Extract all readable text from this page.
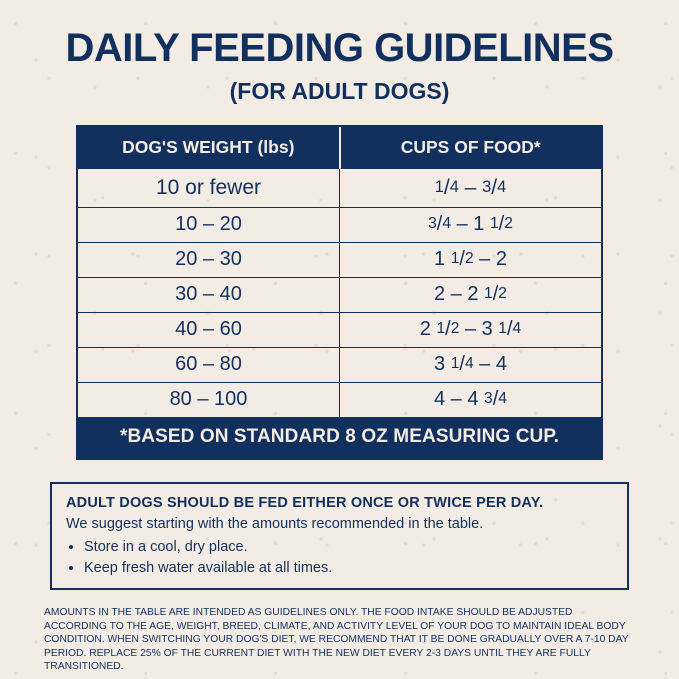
DAILY FEEDING GUIDELINES
(FOR ADULT DOGS)
DOG'S WEIGHT (lbs)	CUPS OF FOOD*
10 or fewer	1/4 – 3/4
10 – 20	3/4 – 1 1/2
20 – 30	1 1/2 – 2
30 – 40	2 – 2 1/2
40 – 60	2 1/2 – 3 1/4
60 – 80	3 1/4 – 4
80 – 100	4 – 4 3/4
*BASED ON STANDARD 8 OZ MEASURING CUP.
ADULT DOGS SHOULD BE FED EITHER ONCE OR TWICE PER DAY.
We suggest starting with the amounts recommended in the table.
• Store in a cool, dry place.
• Keep fresh water available at all times.
AMOUNTS IN THE TABLE ARE INTENDED AS GUIDELINES ONLY. THE FOOD INTAKE SHOULD BE ADJUSTED ACCORDING TO THE AGE, WEIGHT, BREED, CLIMATE, AND ACTIVITY LEVEL OF YOUR DOG TO MAINTAIN IDEAL BODY CONDITION. WHEN SWITCHING YOUR DOG'S DIET, WE RECOMMEND THAT IT BE DONE GRADUALLY OVER A 7-10 DAY PERIOD. REPLACE 25% OF THE CURRENT DIET WITH THE NEW DIET EVERY 2-3 DAYS UNTIL THEY ARE FULLY TRANSITIONED.
